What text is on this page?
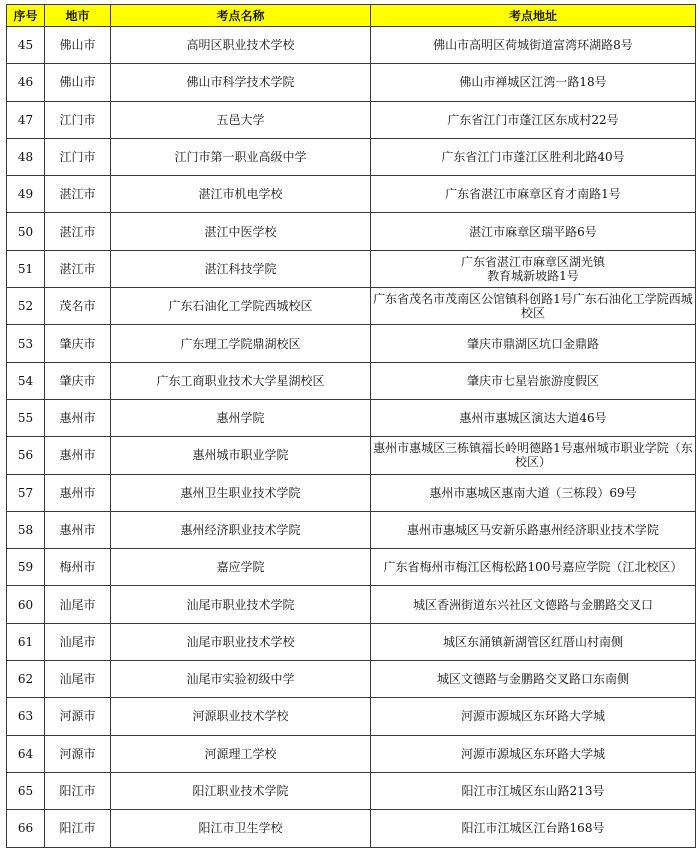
序号	地市	考点名称	考点地址
45	佛山市	高明区职业技术学校	佛山市高明区荷城街道富湾环湖路8号
46	佛山市	佛山市科学技术学院	佛山市禅城区江湾一路18号
47	江门市	五邑大学	广东省江门市蓬江区东成村22号
48	江门市	江门市第一职业高级中学	广东省江门市蓬江区胜利北路40号
49	湛江市	湛江市机电学校	广东省湛江市麻章区育才南路1号
50	湛江市	湛江中医学校	湛江市麻章区瑞平路6号
51	湛江市	湛江科技学院	广东省湛江市麻章区湖光镇
教育城新坡路1号
52	茂名市	广东石油化工学院西城校区	广东省茂名市茂南区公馆镇科创路1号广东石油化工学院西城校区
53	肇庆市	广东理工学院鼎湖校区	肇庆市鼎湖区坑口金鼎路
54	肇庆市	广东工商职业技术大学星湖校区	肇庆市七星岩旅游度假区
55	惠州市	惠州学院	惠州市惠城区演达大道46号
56	惠州市	惠州城市职业学院	惠州市惠城区三栋镇福长岭明德路1号惠州城市职业学院（东校区）
57	惠州市	惠州卫生职业技术学院	惠州市惠城区惠南大道（三栋段）69号
58	惠州市	惠州经济职业技术学院	惠州市惠城区马安新乐路惠州经济职业技术学院
59	梅州市	嘉应学院	广东省梅州市梅江区梅松路100号嘉应学院（江北校区）
60	汕尾市	汕尾市职业技术学院	城区香洲街道东兴社区文德路与金鹏路交叉口
61	汕尾市	汕尾市职业技术学校	城区东涌镇新湖管区红厝山村南侧
62	汕尾市	汕尾市实验初级中学	城区文德路与金鹏路交叉路口东南侧
63	河源市	河源职业技术学校	河源市源城区东环路大学城
64	河源市	河源理工学校	河源市源城区东环路大学城
65	阳江市	阳江职业技术学院	阳江市江城区东山路213号
66	阳江市	阳江市卫生学校	阳江市江城区江台路168号
